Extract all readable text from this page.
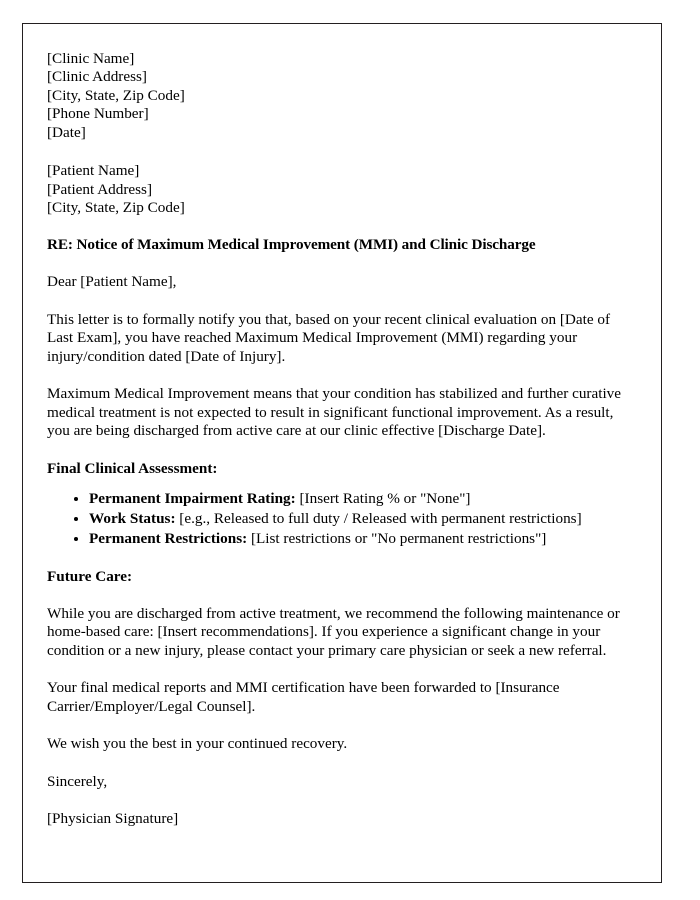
[Clinic Name]
[Clinic Address]
[City, State, Zip Code]
[Phone Number]
[Date]
[Patient Name]
[Patient Address]
[City, State, Zip Code]
RE: Notice of Maximum Medical Improvement (MMI) and Clinic Discharge
Dear [Patient Name],

This letter is to formally notify you that, based on your recent clinical evaluation on [Date of Last Exam], you have reached Maximum Medical Improvement (MMI) regarding your injury/condition dated [Date of Injury].

Maximum Medical Improvement means that your condition has stabilized and further curative medical treatment is not expected to result in significant functional improvement. As a result, you are being discharged from active care at our clinic effective [Discharge Date].

Final Clinical Assessment:
• Permanent Impairment Rating: [Insert Rating % or "None"]
• Work Status: [e.g., Released to full duty / Released with permanent restrictions]
• Permanent Restrictions: [List restrictions or "No permanent restrictions"]
Future Care:

While you are discharged from active treatment, we recommend the following maintenance or home-based care: [Insert recommendations]. If you experience a significant change in your condition or a new injury, please contact your primary care physician or seek a new referral.

Your final medical reports and MMI certification have been forwarded to [Insurance Carrier/Employer/Legal Counsel].

We wish you the best in your continued recovery.

Sincerely,
[Physician Signature]
